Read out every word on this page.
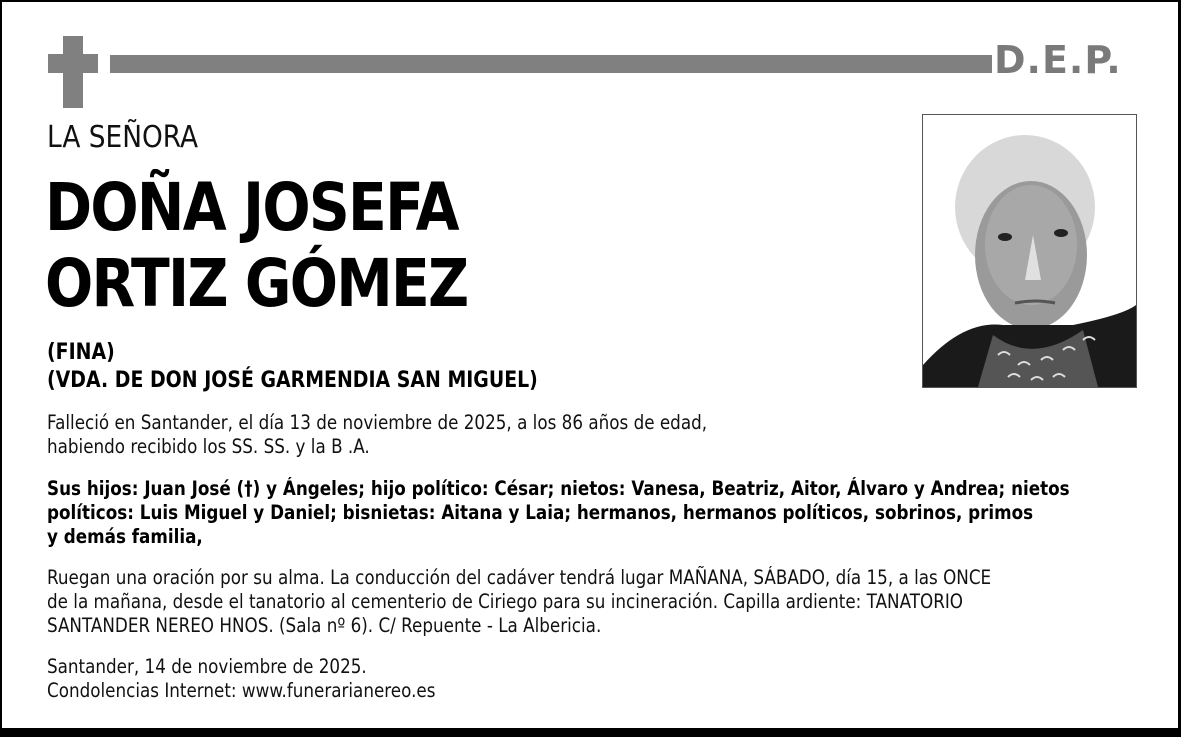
D.E.P.
LA SEÑORA
DOÑA JOSEFA
ORTIZ GÓMEZ
(FINA)
(VDA. DE DON JOSÉ GARMENDIA SAN MIGUEL)
Falleció en Santander, el día 13 de noviembre de 2025, a los 86 años de edad,
habiendo recibido los SS. SS. y la B .A.
Sus hijos: Juan José (†) y Ángeles; hijo político: César; nietos: Vanesa, Beatriz, Aitor, Álvaro y Andrea; nietos
políticos: Luis Miguel y Daniel; bisnietas: Aitana y Laia; hermanos, hermanos políticos, sobrinos, primos
y demás familia,
Ruegan una oración por su alma. La conducción del cadáver tendrá lugar MAÑANA, SÁBADO, día 15, a las ONCE
de la mañana, desde el tanatorio al cementerio de Ciriego para su incineración. Capilla ardiente: TANATORIO
SANTANDER NEREO HNOS. (Sala nº 6). C/ Repuente - La Albericia.
Santander, 14 de noviembre de 2025.
Condolencias Internet: www.funerarianereo.es
